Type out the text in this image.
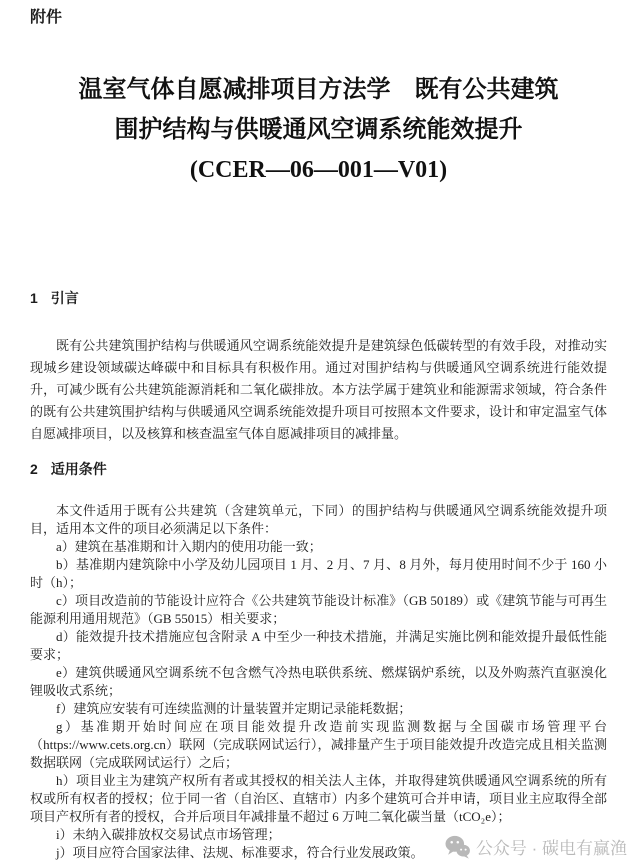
附件
温室气体自愿减排项目方法学　既有公共建筑
围护结构与供暖通风空调系统能效提升
(CCER—06—001—V01)
1 引言

既有公共建筑围护结构与供暖通风空调系统能效提升是建筑绿色低碳转型的有效手段，对推动实现城乡建设领域碳达峰碳中和目标具有积极作用。通过对围护结构与供暖通风空调系统进行能效提升，可减少既有公共建筑能源消耗和二氧化碳排放。本方法学属于建筑业和能源需求领域，符合条件的既有公共建筑围护结构与供暖通风空调系统能效提升项目可按照本文件要求，设计和审定温室气体自愿减排项目，以及核算和核查温室气体自愿减排项目的减排量。

2 适用条件

本文件适用于既有公共建筑（含建筑单元，下同）的围护结构与供暖通风空调系统能效提升项目，适用本文件的项目必须满足以下条件：

a）建筑在基准期和计入期内的使用功能一致；

b）基准期内建筑除中小学及幼儿园项目 1 月、2 月、7 月、8 月外，每月使用时间不少于 160 小时（h）；

c）项目改造前的节能设计应符合《公共建筑节能设计标准》（GB 50189）或《建筑节能与可再生能源利用通用规范》（GB 55015）相关要求；

d）能效提升技术措施应包含附录 A 中至少一种技术措施，并满足实施比例和能效提升最低性能要求；

e）建筑供暖通风空调系统不包含燃气冷热电联供系统、燃煤锅炉系统，以及外购蒸汽直驱溴化锂吸收式系统；

f）建筑应安装有可连续监测的计量装置并定期记录能耗数据；

g）基准期开始时间应在项目能效提升改造前实现监测数据与全国碳市场管理平台（https://www.cets.org.cn）联网（完成联网试运行），减排量产生于项目能效提升改造完成且相关监测数据联网（完成联网试运行）之后；

h）项目业主为建筑产权所有者或其授权的相关法人主体，并取得建筑供暖通风空调系统的所有权或所有权者的授权；位于同一省（自治区、直辖市）内多个建筑可合并申请，项目业主应取得全部项目产权所有者的授权，合并后项目年减排量不超过 6 万吨二氧化碳当量（tCO₂e）；

i）未纳入碳排放权交易试点市场管理；

j）项目应符合国家法律、法规、标准要求，符合行业发展政策。	公众号 · 碳电有赢渔
